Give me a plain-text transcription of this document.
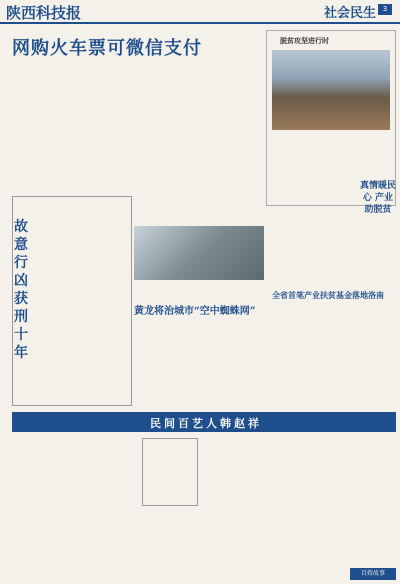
陕西科技报	社会民生 3
网购火车票可微信支付	脱贫攻坚进行时
故意行凶获刑十年
黄龙将治城市“空中蜘蛛网”
真情暖民心 产业助脱贫
全省首笔产业扶贫基金落地洛南
民间百艺人韩赵祥
百姓故事
